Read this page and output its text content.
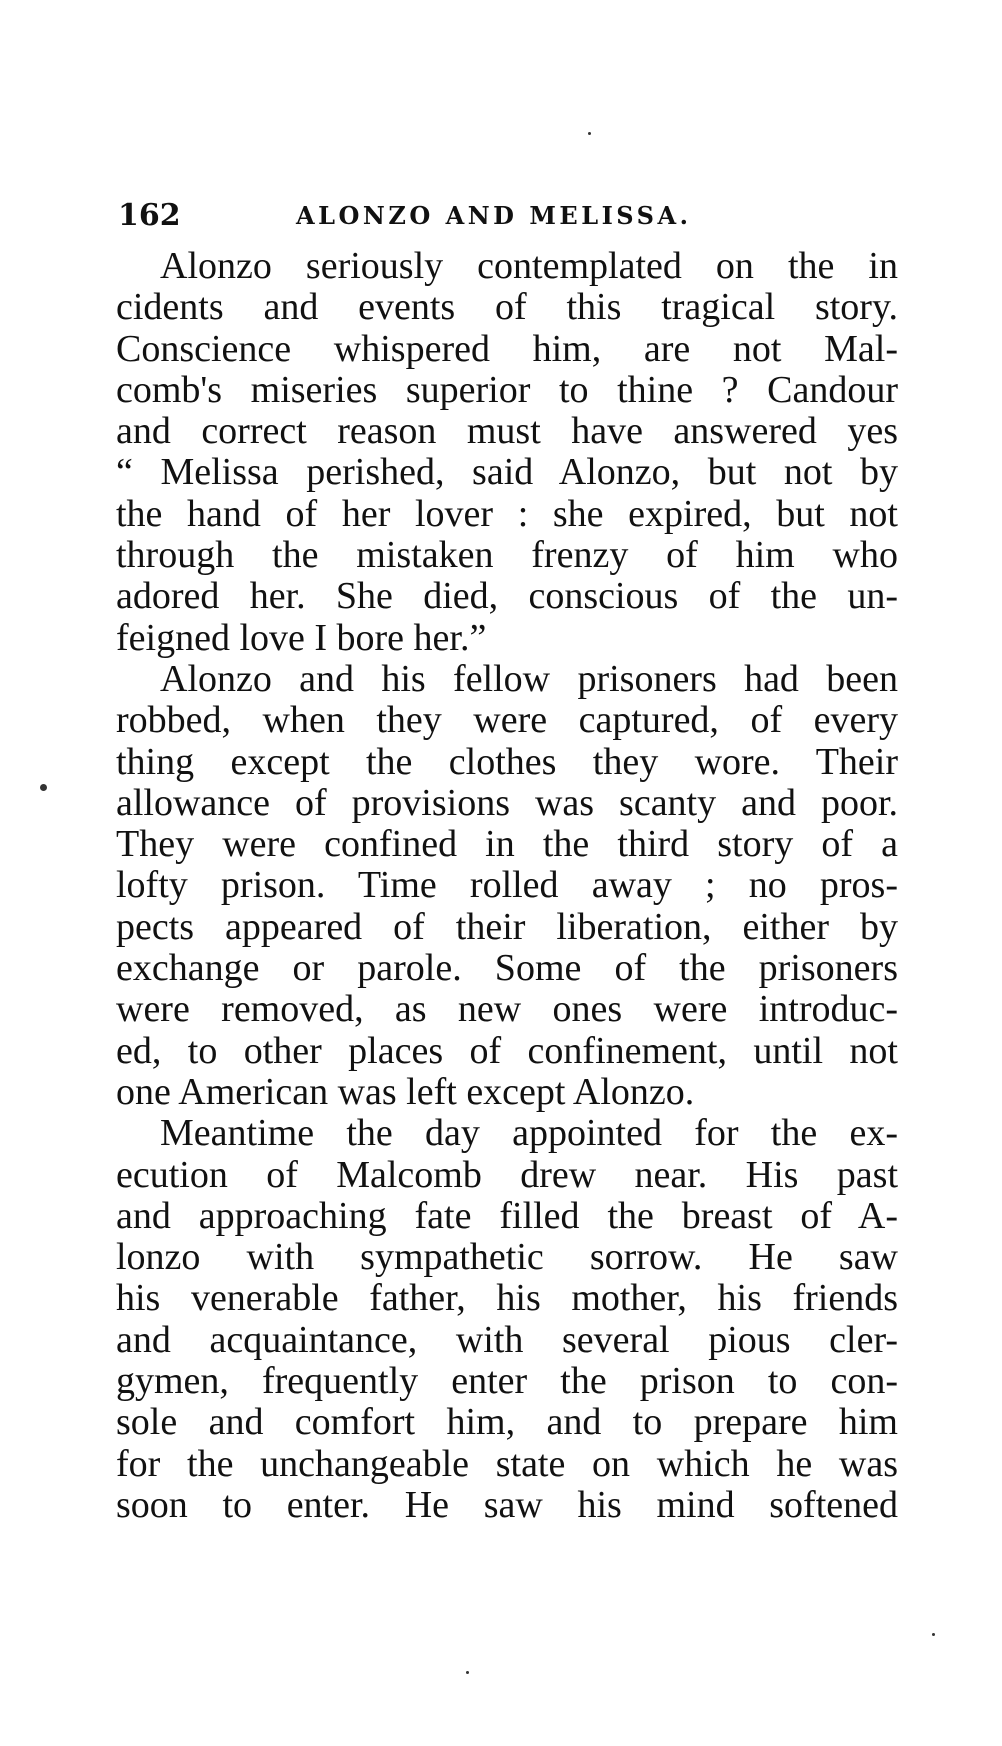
162	ALONZO AND MELISSA.
Alonzo seriously contemplated on the in
cidents and events of this tragical story.
Conscience whispered him, are not Mal-
comb's miseries superior to thine ? Candour
and correct reason must have answered yes
“ Melissa perished, said Alonzo, but not by
the hand of her lover : she expired, but not
through the mistaken frenzy of him who
adored her. She died, conscious of the un-
feigned love I bore her.”
Alonzo and his fellow prisoners had been
robbed, when they were captured, of every
thing except the clothes they wore. Their
allowance of provisions was scanty and poor.
They were confined in the third story of a
lofty prison. Time rolled away ; no pros-
pects appeared of their liberation, either by
exchange or parole. Some of the prisoners
were removed, as new ones were introduc-
ed, to other places of confinement, until not
one American was left except Alonzo.
Meantime the day appointed for the ex-
ecution of Malcomb drew near. His past
and approaching fate filled the breast of A-
lonzo with sympathetic sorrow. He saw
his venerable father, his mother, his friends
and acquaintance, with several pious cler-
gymen, frequently enter the prison to con-
sole and comfort him, and to prepare him
for the unchangeable state on which he was
soon to enter. He saw his mind softened
